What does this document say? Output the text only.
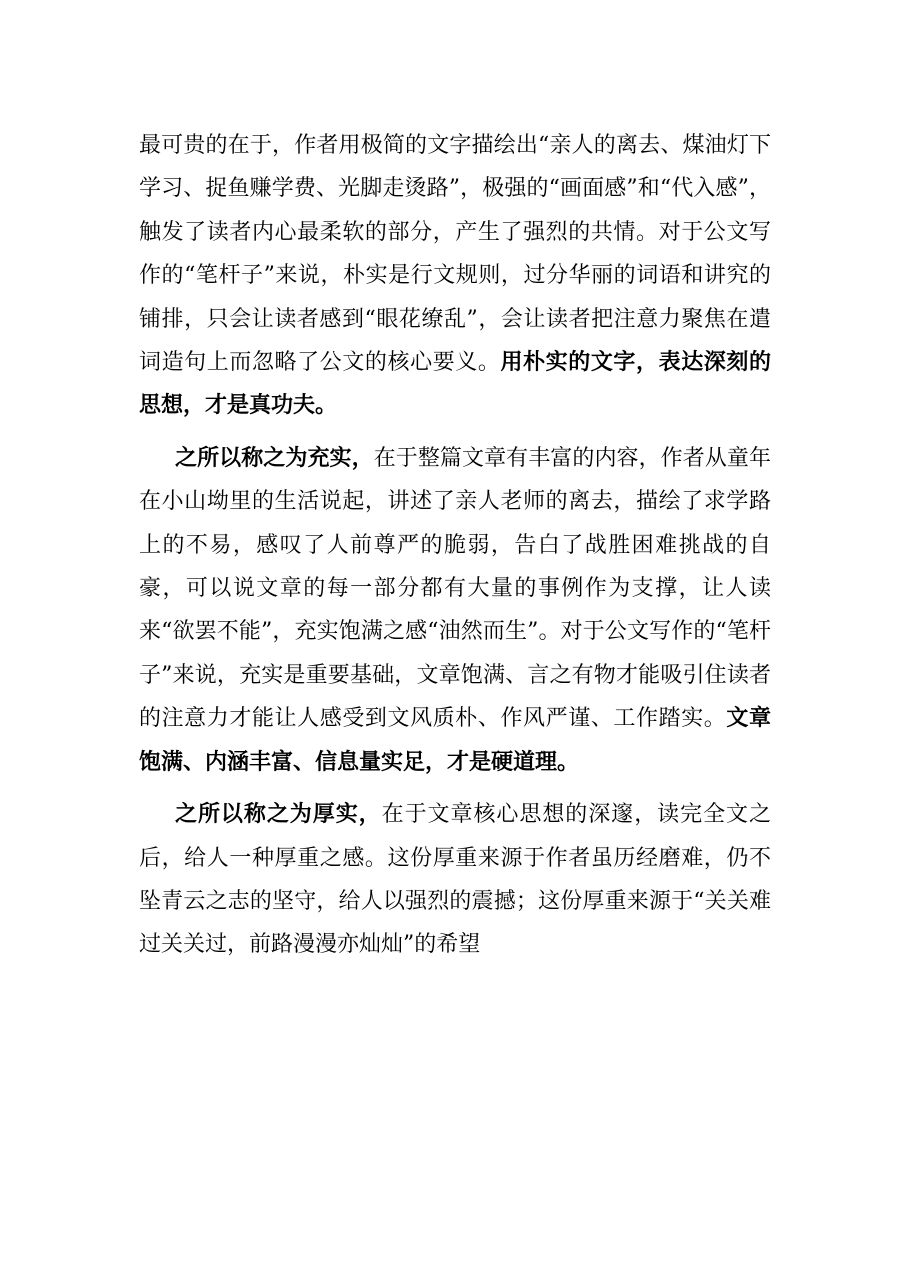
最可贵的在于，作者用极简的文字描绘出“亲人的离去、煤油灯下学习、捉鱼赚学费、光脚走烫路”，极强的“画面感”和“代入感”，触发了读者内心最柔软的部分，产生了强烈的共情。对于公文写作的“笔杆子”来说，朴实是行文规则，过分华丽的词语和讲究的铺排，只会让读者感到“眼花缭乱”，会让读者把注意力聚焦在遣词造句上而忽略了公文的核心要义。用朴实的文字，表达深刻的思想，才是真功夫。

之所以称之为充实，在于整篇文章有丰富的内容，作者从童年在小山坳里的生活说起，讲述了亲人老师的离去，描绘了求学路上的不易，感叹了人前尊严的脆弱，告白了战胜困难挑战的自豪，可以说文章的每一部分都有大量的事例作为支撑，让人读来“欲罢不能”，充实饱满之感“油然而生”。对于公文写作的“笔杆子”来说，充实是重要基础，文章饱满、言之有物才能吸引住读者的注意力才能让人感受到文风质朴、作风严谨、工作踏实。文章饱满、内涵丰富、信息量实足，才是硬道理。

之所以称之为厚实，在于文章核心思想的深邃，读完全文之后，给人一种厚重之感。这份厚重来源于作者虽历经磨难，仍不坠青云之志的坚守，给人以强烈的震撼；这份厚重来源于“关关难过关关过，前路漫漫亦灿灿”的希望
